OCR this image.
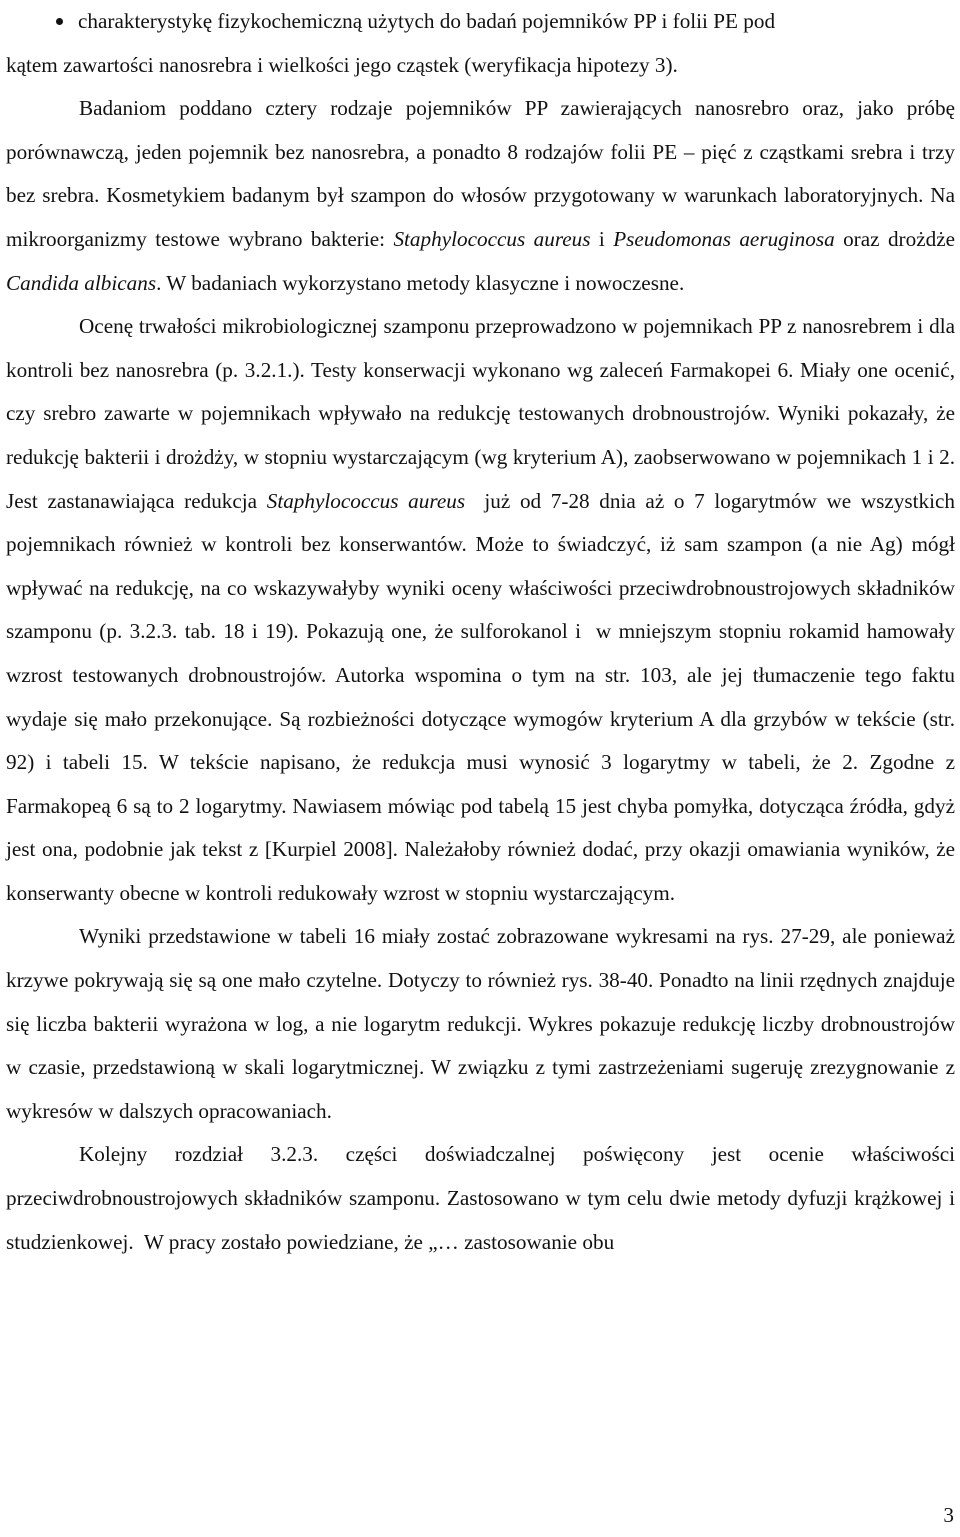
charakterystykę fizykochemiczną użytych do badań pojemników PP i folii PE pod
kątem zawartości nanosrebra i wielkości jego cząstek (weryfikacja hipotezy 3).

Badaniom poddano cztery rodzaje pojemników PP zawierających nanosrebro oraz, jako próbę porównawczą, jeden pojemnik bez nanosrebra, a ponadto 8 rodzajów folii PE – pięć z cząstkami srebra i trzy bez srebra. Kosmetykiem badanym był szampon do włosów przygotowany w warunkach laboratoryjnych. Na mikroorganizmy testowe wybrano bakterie: Staphylococcus aureus i Pseudomonas aeruginosa oraz drożdże Candida albicans. W badaniach wykorzystano metody klasyczne i nowoczesne.

Ocenę trwałości mikrobiologicznej szamponu przeprowadzono w pojemnikach PP z nanosrebrem i dla kontroli bez nanosrebra (p. 3.2.1.). Testy konserwacji wykonano wg zaleceń Farmakopei 6. Miały one ocenić, czy srebro zawarte w pojemnikach wpływało na redukcję testowanych drobnoustrojów. Wyniki pokazały, że redukcję bakterii i drożdży, w stopniu wystarczającym (wg kryterium A), zaobserwowano w pojemnikach 1 i 2. Jest zastanawiająca redukcja Staphylococcus aureus  już od 7-28 dnia aż o 7 logarytmów we wszystkich pojemnikach również w kontroli bez konserwantów. Może to świadczyć, iż sam szampon (a nie Ag) mógł wpływać na redukcję, na co wskazywałyby wyniki oceny właściwości przeciwdrobnoustrojowych składników szamponu (p. 3.2.3. tab. 18 i 19). Pokazują one, że sulforokanol i  w mniejszym stopniu rokamid hamowały wzrost testowanych drobnoustrojów. Autorka wspomina o tym na str. 103, ale jej tłumaczenie tego faktu wydaje się mało przekonujące. Są rozbieżności dotyczące wymogów kryterium A dla grzybów w tekście (str. 92) i tabeli 15. W tekście napisano, że redukcja musi wynosić 3 logarytmy w tabeli, że 2. Zgodne z Farmakopeą 6 są to 2 logarytmy. Nawiasem mówiąc pod tabelą 15 jest chyba pomyłka, dotycząca źródła, gdyż jest ona, podobnie jak tekst z [Kurpiel 2008]. Należałoby również dodać, przy okazji omawiania wyników, że konserwanty obecne w kontroli redukowały wzrost w stopniu wystarczającym.

Wyniki przedstawione w tabeli 16 miały zostać zobrazowane wykresami na rys. 27-29, ale ponieważ krzywe pokrywają się są one mało czytelne. Dotyczy to również rys. 38-40. Ponadto na linii rzędnych znajduje się liczba bakterii wyrażona w log, a nie logarytm redukcji. Wykres pokazuje redukcję liczby drobnoustrojów w czasie, przedstawioną w skali logarytmicznej. W związku z tymi zastrzeżeniami sugeruję zrezygnowanie z wykresów w dalszych opracowaniach.

Kolejny rozdział 3.2.3. części doświadczalnej poświęcony jest ocenie właściwości przeciwdrobnoustrojowych składników szamponu. Zastosowano w tym celu dwie metody dyfuzji krążkowej i studzienkowej.  W pracy zostało powiedziane, że „… zastosowanie obu

3
